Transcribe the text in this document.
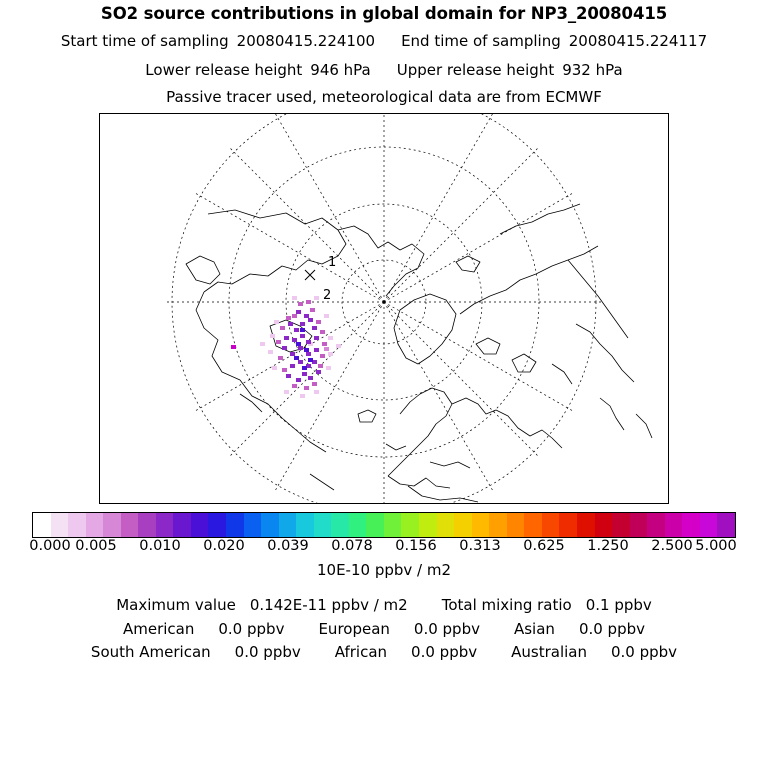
SO2 source contributions in global domain for NP3_20080415
Start time of sampling 20080415.224100 End time of sampling 20080415.224117
Lower release height 946 hPa Upper release height 932 hPa
Passive tracer used, meteorological data are from ECMWF
1
2
0.000 0.005 0.010 0.020 0.039 0.078 0.156 0.313 0.625 1.250 2.500 5.000
10E-10 ppbv / m2
Maximum value 0.142E-11 ppbv / m2 Total mixing ratio 0.1 ppbv
American 0.0 ppbv European 0.0 ppbv Asian 0.0 ppbv
South American 0.0 ppbv African 0.0 ppbv Australian 0.0 ppbv
